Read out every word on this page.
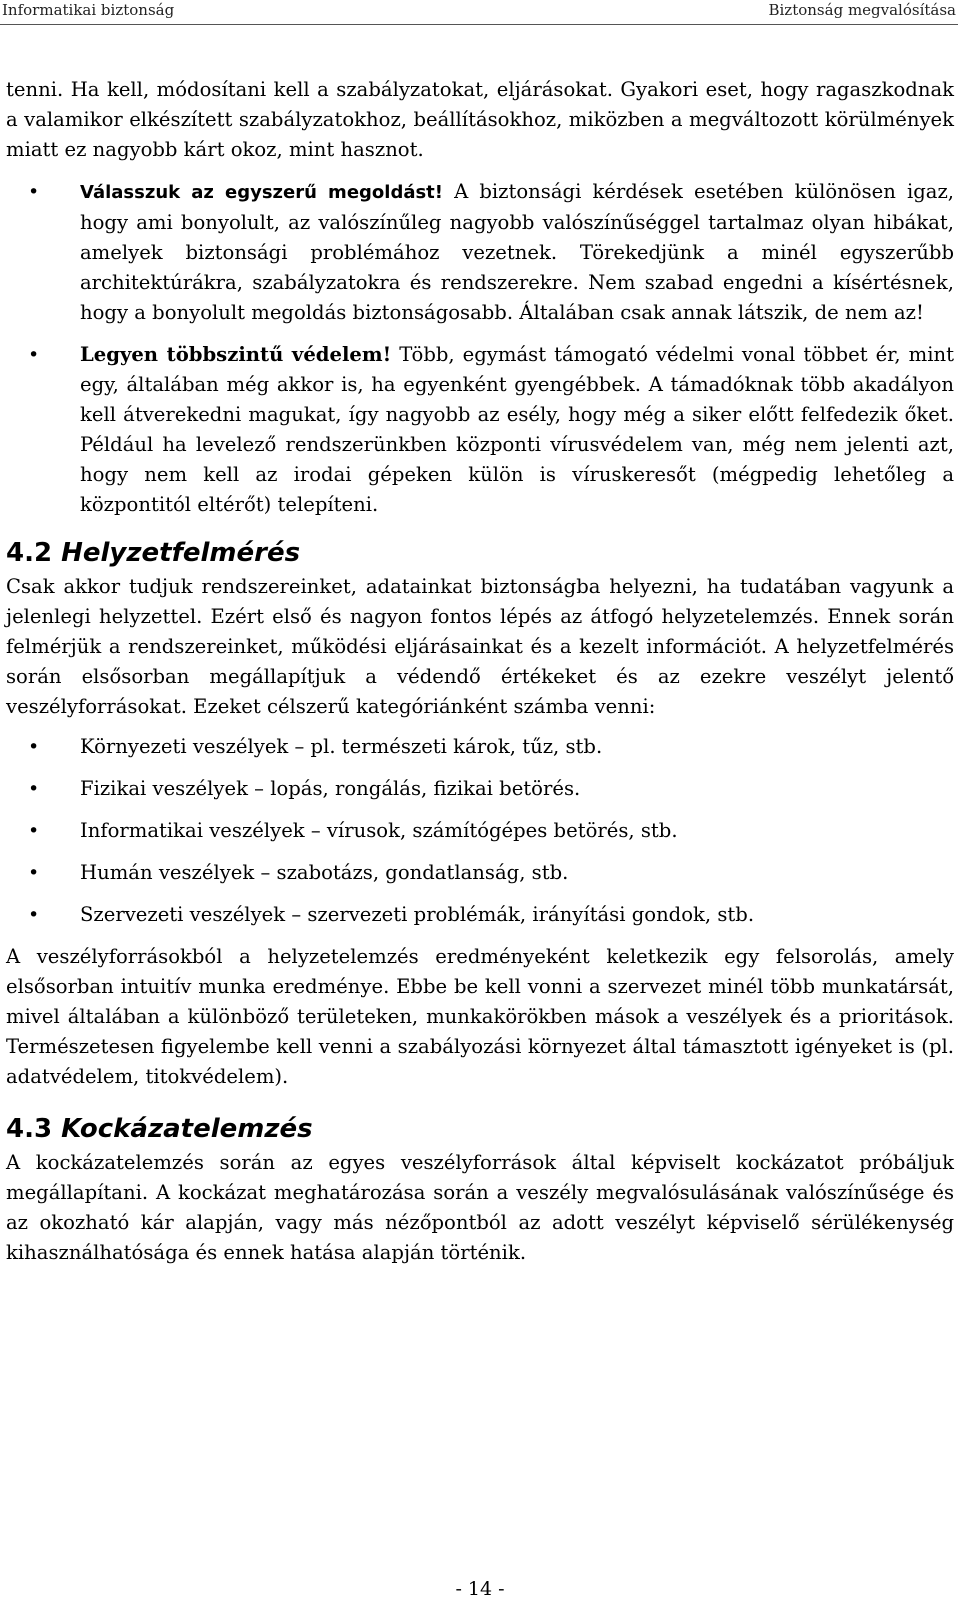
Informatikai biztonság	Biztonság megvalósítása

tenni. Ha kell, módosítani kell a szabályzatokat, eljárásokat. Gyakori eset, hogy ragaszkodnak a valamikor elkészített szabályzatokhoz, beállításokhoz, miközben a megváltozott körülmények miatt ez nagyobb kárt okoz, mint hasznot.

• Válasszuk az egyszerű megoldást! A biztonsági kérdések esetében különösen igaz, hogy ami bonyolult, az valószínűleg nagyobb valószínűséggel tartalmaz olyan hibákat, amelyek biztonsági problémához vezetnek. Törekedjünk a minél egyszerűbb architektúrákra, szabályzatokra és rendszerekre. Nem szabad engedni a kísértésnek, hogy a bonyolult megoldás biztonságosabb. Általában csak annak látszik, de nem az!
• Legyen többszintű védelem! Több, egymást támogató védelmi vonal többet ér, mint egy, általában még akkor is, ha egyenként gyengébbek. A támadóknak több akadályon kell átverekedni magukat, így nagyobb az esély, hogy még a siker előtt felfedezik őket. Például ha levelező rendszerünkben központi vírusvédelem van, még nem jelenti azt, hogy nem kell az irodai gépeken külön is víruskeresőt (mégpedig lehetőleg a központitól eltérőt) telepíteni.
4.2 Helyzetfelmérés

Csak akkor tudjuk rendszereinket, adatainkat biztonságba helyezni, ha tudatában vagyunk a jelenlegi helyzettel. Ezért első és nagyon fontos lépés az átfogó helyzetelemzés. Ennek során felmérjük a rendszereinket, működési eljárásainkat és a kezelt információt. A helyzetfelmérés során elsősorban megállapítjuk a védendő értékeket és az ezekre veszélyt jelentő veszélyforrásokat. Ezeket célszerű kategóriánként számba venni:

• Környezeti veszélyek – pl. természeti károk, tűz, stb.
• Fizikai veszélyek – lopás, rongálás, fizikai betörés.
• Informatikai veszélyek – vírusok, számítógépes betörés, stb.
• Humán veszélyek – szabotázs, gondatlanság, stb.
• Szervezeti veszélyek – szervezeti problémák, irányítási gondok, stb.

A veszélyforrásokból a helyzetelemzés eredményeként keletkezik egy felsorolás, amely elsősorban intuitív munka eredménye. Ebbe be kell vonni a szervezet minél több munkatársát, mivel általában a különböző területeken, munkakörökben mások a veszélyek és a prioritások. Természetesen figyelembe kell venni a szabályozási környezet által támasztott igényeket is (pl. adatvédelem, titokvédelem).

4.3 Kockázatelemzés

A kockázatelemzés során az egyes veszélyforrások által képviselt kockázatot próbáljuk megállapítani. A kockázat meghatározása során a veszély megvalósulásának valószínűsége és az okozható kár alapján, vagy más nézőpontból az adott veszélyt képviselő sérülékenység kihasználhatósága és ennek hatása alapján történik.

- 14 -
